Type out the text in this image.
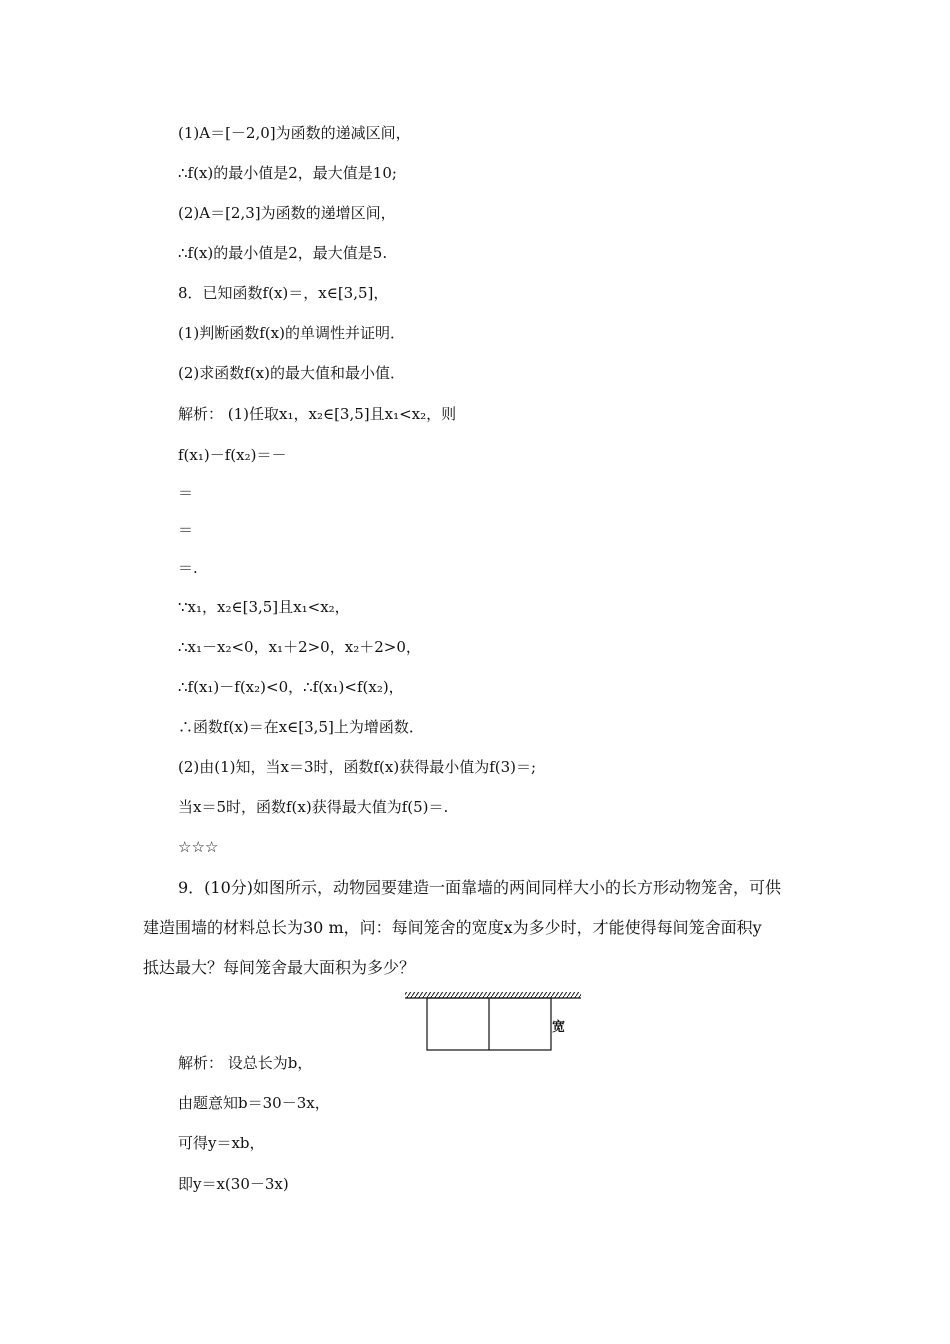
(1)A＝[－2,0]为函数的递减区间，
∴f(x)的最小值是2，最大值是10;
(2)A＝[2,3]为函数的递增区间，
∴f(x)的最小值是2，最大值是5.
8．已知函数f(x)＝，x∈[3,5]，
(1)判断函数f(x)的单调性并证明．
(2)求函数f(x)的最大值和最小值．
解析： (1)任取x₁，x₂∈[3,5]且x₁<x₂，则
f(x₁)－f(x₂)＝－
＝
＝
＝.
∵x₁，x₂∈[3,5]且x₁<x₂，
∴x₁－x₂<0，x₁＋2>0，x₂＋2>0，
∴f(x₁)－f(x₂)<0，∴f(x₁)<f(x₂)，
∴函数f(x)＝在x∈[3,5]上为增函数．
(2)由(1)知，当x＝3时，函数f(x)获得最小值为f(3)＝;
当x＝5时，函数f(x)获得最大值为f(5)＝.
☆☆☆
9．(10分)如图所示，动物园要建造一面靠墙的两间同样大小的长方形动物笼舍，可供
建造围墙的材料总长为30 m，问：每间笼舍的宽度x为多少时，才能使得每间笼舍面积y
抵达最大？每间笼舍最大面积为多少？
宽
解析： 设总长为b，
由题意知b＝30－3x，
可得y＝xb，
即y＝x(30－3x)
